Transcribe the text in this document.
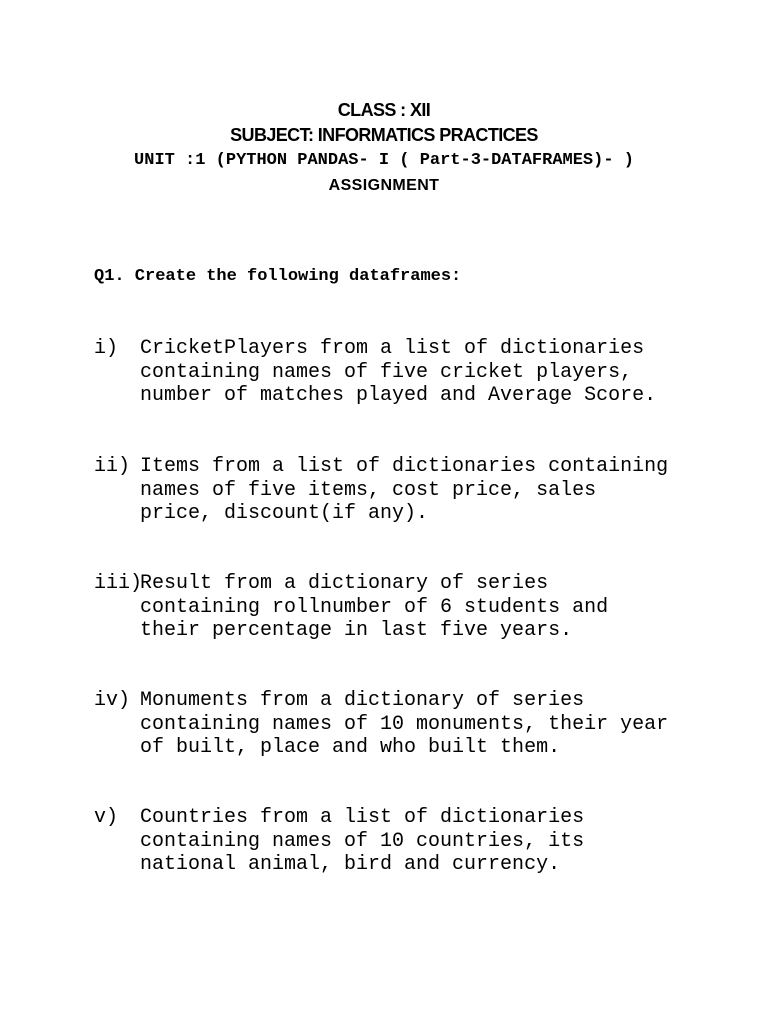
CLASS : XII
SUBJECT: INFORMATICS PRACTICES
UNIT :1 (PYTHON PANDAS- I ( Part-3-DATAFRAMES)- )
ASSIGNMENT
Q1. Create the following dataframes:
i)	CricketPlayers from a list of dictionaries
containing names of five cricket players,
number of matches played and Average Score.
ii) Items from a list of dictionaries containing
names of five items, cost price, sales
price, discount(if any).
iii)
Result from a dictionary of series
containing rollnumber of 6 students and
their percentage in last five years.
iv) Monuments from a dictionary of series
containing names of 10 monuments, their year
of built, place and who built them.
v)	Countries from a list of dictionaries
containing names of 10 countries, its
national animal, bird and currency.
